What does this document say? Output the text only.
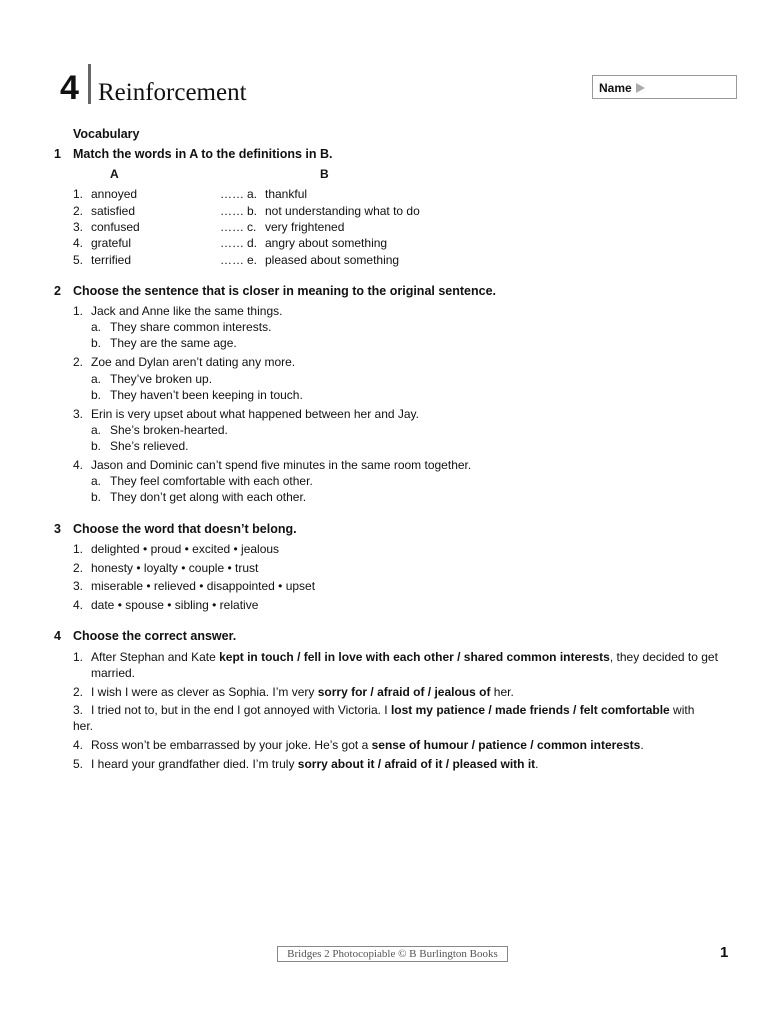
4 Reinforcement	Name
Vocabulary
1 Match the words in A to the definitions in B.
A	B
1. annoyed	…… a. thankful
2. satisfied	…… b. not understanding what to do
3. confused	…… c. very frightened
4. grateful	…… d. angry about something
5. terrified	…… e. pleased about something
2 Choose the sentence that is closer in meaning to the original sentence.
1. Jack and Anne like the same things.
a. They share common interests.
b. They are the same age.
2. Zoe and Dylan aren’t dating any more.
a. They’ve broken up.
b. They haven’t been keeping in touch.
3. Erin is very upset about what happened between her and Jay.
a. She’s broken-hearted.
b. She’s relieved.
4. Jason and Dominic can’t spend five minutes in the same room together.
a. They feel comfortable with each other.
b. They don’t get along with each other.
3 Choose the word that doesn’t belong.
1. delighted • proud • excited • jealous
2. honesty • loyalty • couple • trust
3. miserable • relieved • disappointed • upset
4. date • spouse • sibling • relative
4 Choose the correct answer.
1. After Stephan and Kate kept in touch / fell in love with each other / shared common interests, they decided to get
married.
2. I wish I were as clever as Sophia. I’m very sorry for / afraid of / jealous of her.
3. I tried not to, but in the end I got annoyed with Victoria. I lost my patience / made friends / felt comfortable with
her.
4. Ross won’t be embarrassed by your joke. He’s got a sense of humour / patience / common interests.
5. I heard your grandfather died. I’m truly sorry about it / afraid of it / pleased with it.
Bridges 2 Photocopiable © B Burlington Books	1
